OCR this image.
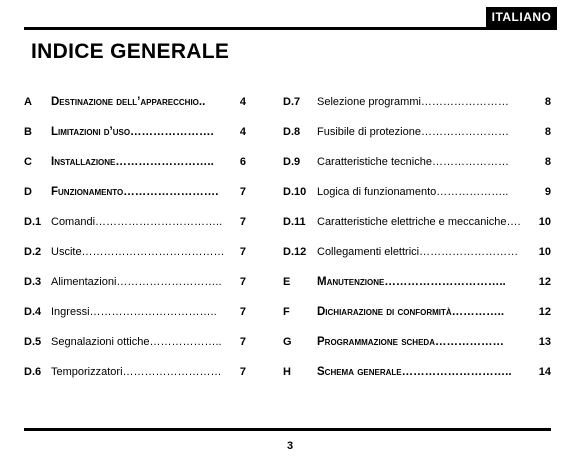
ITALIANO
INDICE GENERALE
A	Destinazione dell’apparecchio..	4
B	Limitazioni d’uso………………….	4
C	Installazione……………………..	6
D	Funzionamento…………………….	7
D.1 Comandi……………………………..	7
D.2 Uscite…………………………………	7
D.3 Alimentazioni………………………..	7
D.4 Ingressi……………………………..	7
D.5 Segnalazioni ottiche………………..	7
D.6 Temporizzatori………………………	7
D.7	Selezione programmi……………………	8
D.8	Fusibile di protezione……………………	8
D.9	Caratteristiche tecniche…………………	8
D.10 Logica di funzionamento………………..	9
D.11	Caratteristiche elettriche e meccaniche….	10
D.12 Collegamenti elettrici………………………	10
E	Manutenzione…………………………..	12
F	Dichiarazione di conformità…………..	12
G	Programmazione scheda………………	13
H	Schema generale………………………..	14
3
